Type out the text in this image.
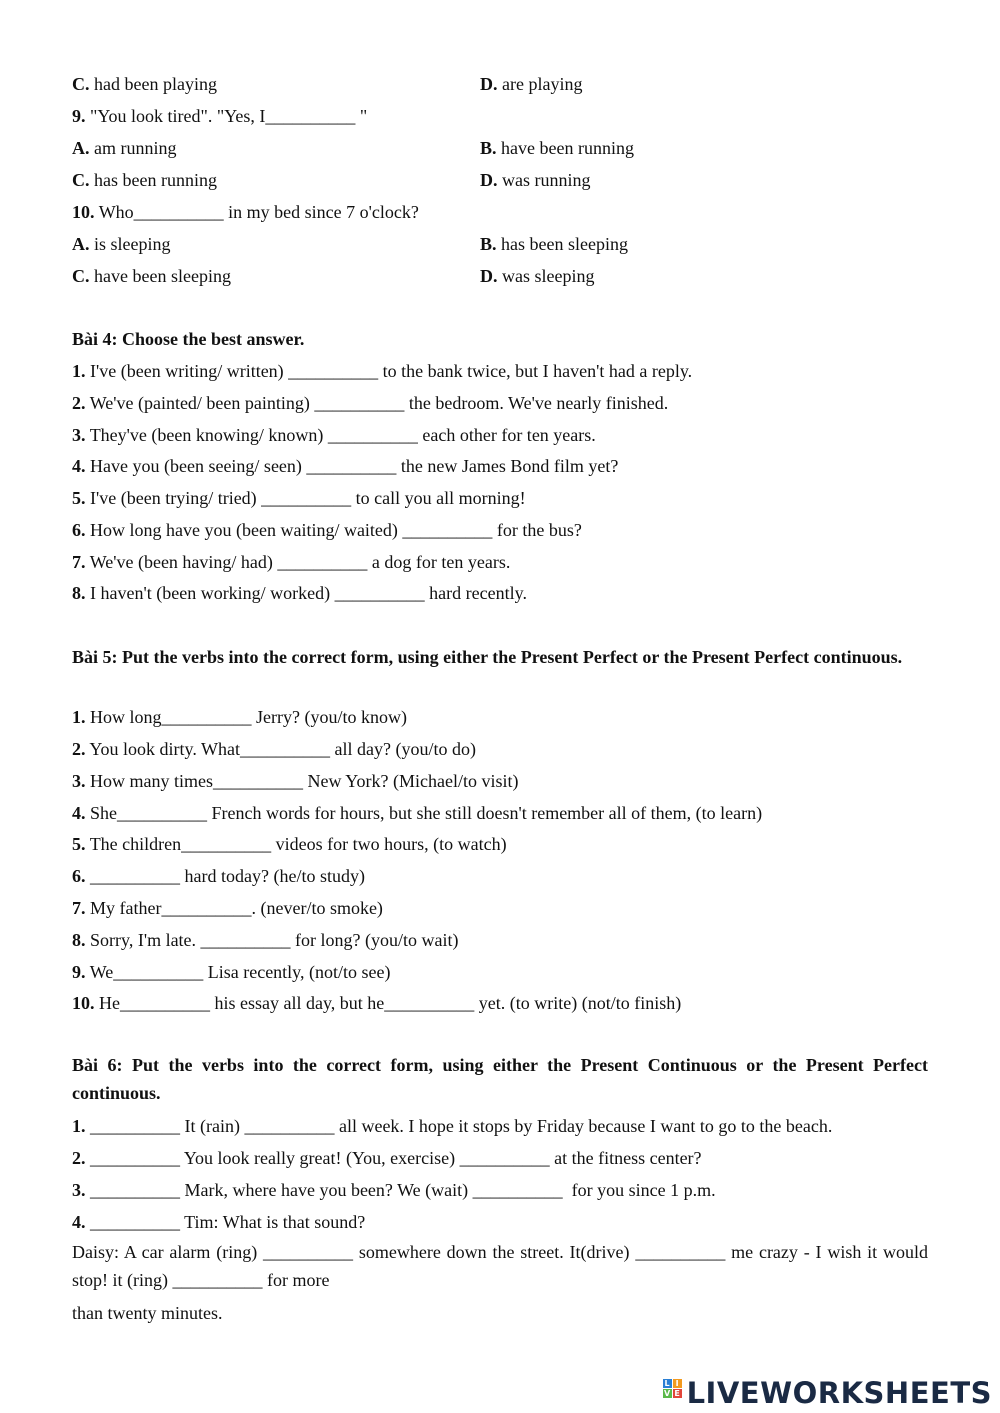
C. had been playing	D. are playing
9. "You look tired". "Yes, I__________ "
A. am running	B. have been running
C. has been running	D. was running
10. Who__________ in my bed since 7 o'clock?
A. is sleeping	B. has been sleeping
C. have been sleeping	D. was sleeping
Bài 4: Choose the best answer.
1. I've (been writing/ written) __________ to the bank twice, but I haven't had a reply.
2. We've (painted/ been painting) __________ the bedroom. We've nearly finished.
3. They've (been knowing/ known) __________ each other for ten years.
4. Have you (been seeing/ seen) __________ the new James Bond film yet?
5. I've (been trying/ tried) __________ to call you all morning!
6. How long have you (been waiting/ waited) __________ for the bus?
7. We've (been having/ had) __________ a dog for ten years.
8. I haven't (been working/ worked) __________ hard recently.
Bài 5: Put the verbs into the correct form, using either the Present Perfect or the Present Perfect continuous.
1. How long__________ Jerry? (you/to know)
2. You look dirty. What__________ all day? (you/to do)
3. How many times__________ New York? (Michael/to visit)
4. She__________ French words for hours, but she still doesn't remember all of them, (to learn)
5. The children__________ videos for two hours, (to watch)
6. __________ hard today? (he/to study)
7. My father__________. (never/to smoke)
8. Sorry, I'm late. __________ for long? (you/to wait)
9. We__________ Lisa recently, (not/to see)
10. He__________ his essay all day, but he__________ yet. (to write) (not/to finish)
Bài 6: Put the verbs into the correct form, using either the Present Continuous or the Present Perfect continuous.
1. __________ It (rain) __________ all week. I hope it stops by Friday because I want to go to the beach.
2. __________ You look really great! (You, exercise) __________ at the fitness center?
3. __________ Mark, where have you been? We (wait) __________  for you since 1 p.m.
4. __________ Tim: What is that sound?
Daisy: A car alarm (ring) __________ somewhere down the street. It(drive) __________ me crazy - I wish it would stop! it (ring) __________ for more
than twenty minutes.
L I
V E LIVEWORKSHEETS
